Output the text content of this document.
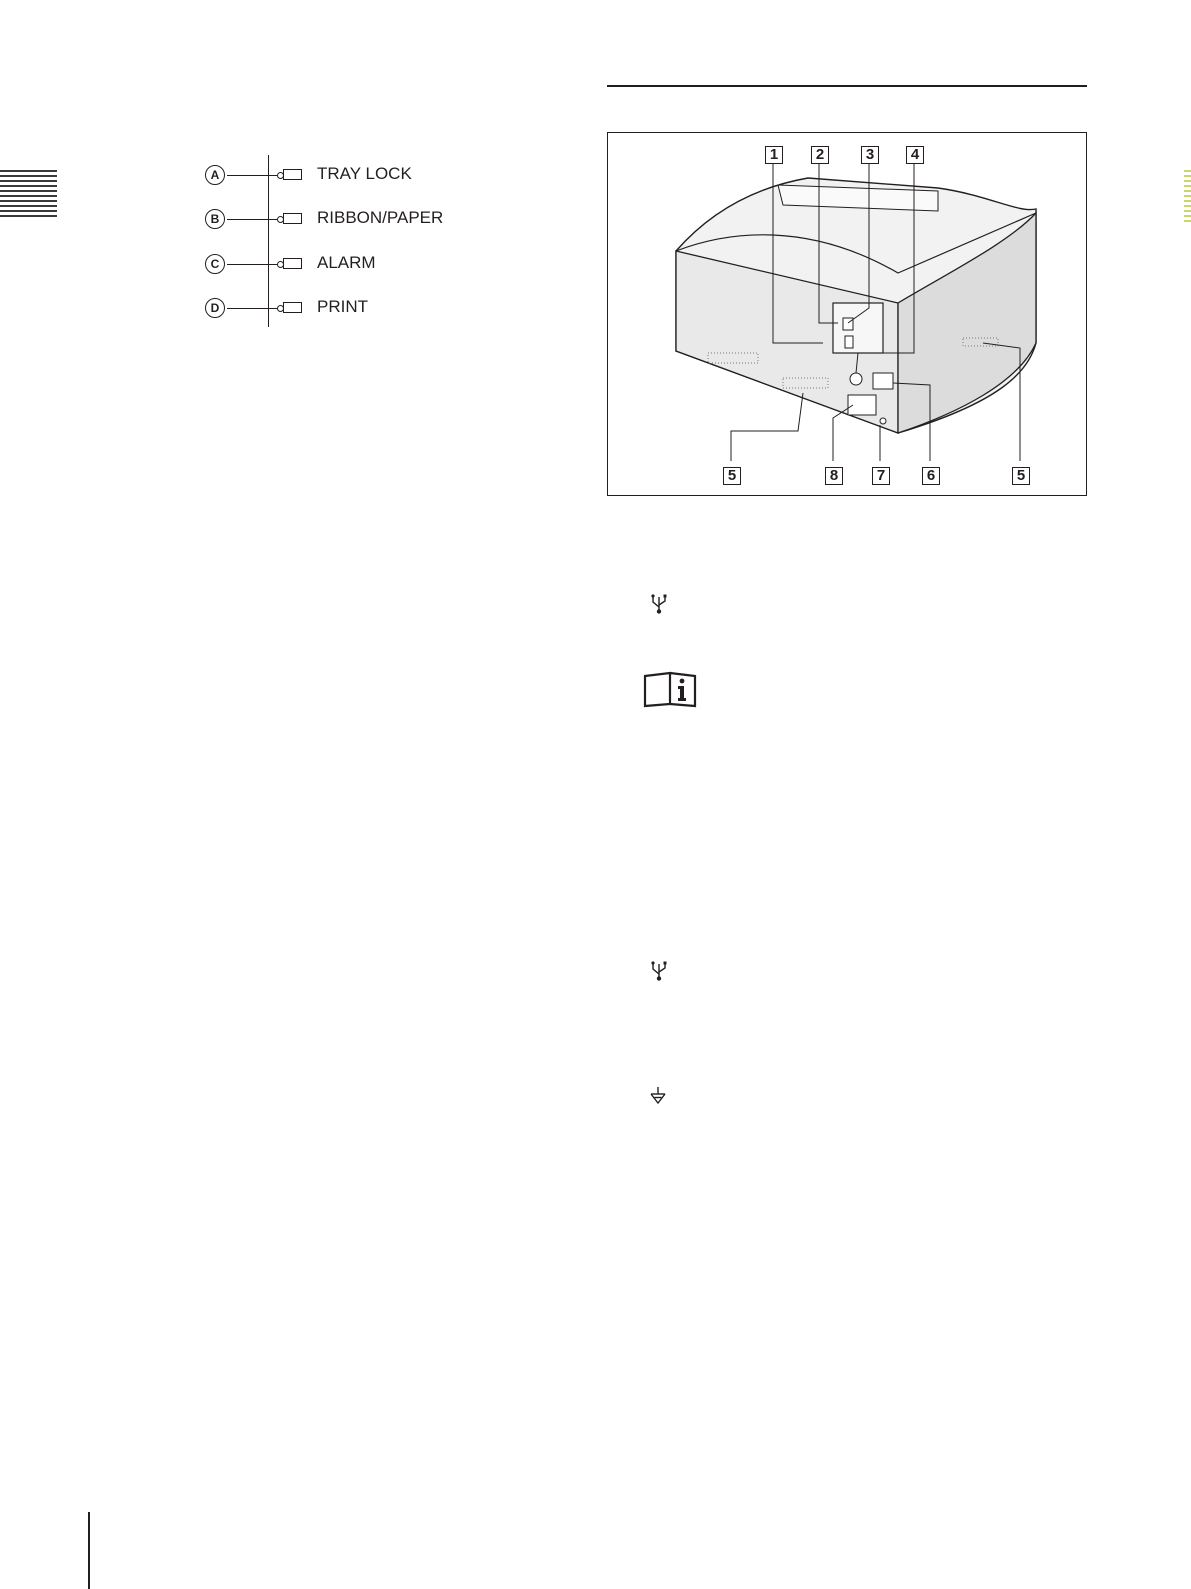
A	TRAY LOCK
B	RIBBON/PAPER
C	ALARM
D	PRINT
1	2	3	4
5	8	7	6	5
